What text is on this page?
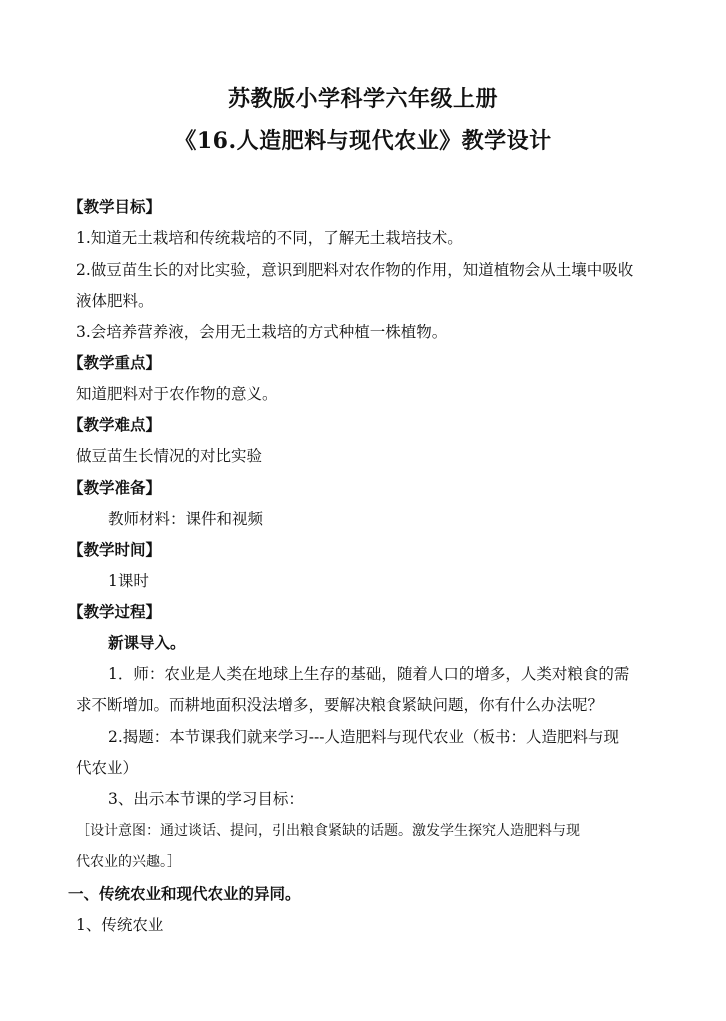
苏教版小学科学六年级上册
《16.人造肥料与现代农业》教学设计
【教学目标】
1.知道无土栽培和传统栽培的不同，了解无土栽培技术。
2.做豆苗生长的对比实验，意识到肥料对农作物的作用，知道植物会从土壤中吸收
液体肥料。
3.会培养营养液，会用无土栽培的方式种植一株植物。
【教学重点】
知道肥料对于农作物的意义。
【教学难点】
做豆苗生长情况的对比实验
【教学准备】
教师材料：课件和视频
【教学时间】
1课时
【教学过程】
新课导入。
1．师：农业是人类在地球上生存的基础，随着人口的增多，人类对粮食的需
求不断增加。而耕地面积没法增多，要解决粮食紧缺问题，你有什么办法呢？
2.揭题：本节课我们就来学习---人造肥料与现代农业（板书：人造肥料与现
代农业）
3、出示本节课的学习目标：
［设计意图：通过谈话、提问，引出粮食紧缺的话题。激发学生探究人造肥料与现
代农业的兴趣。］
一、传统农业和现代农业的异同。
1、传统农业
